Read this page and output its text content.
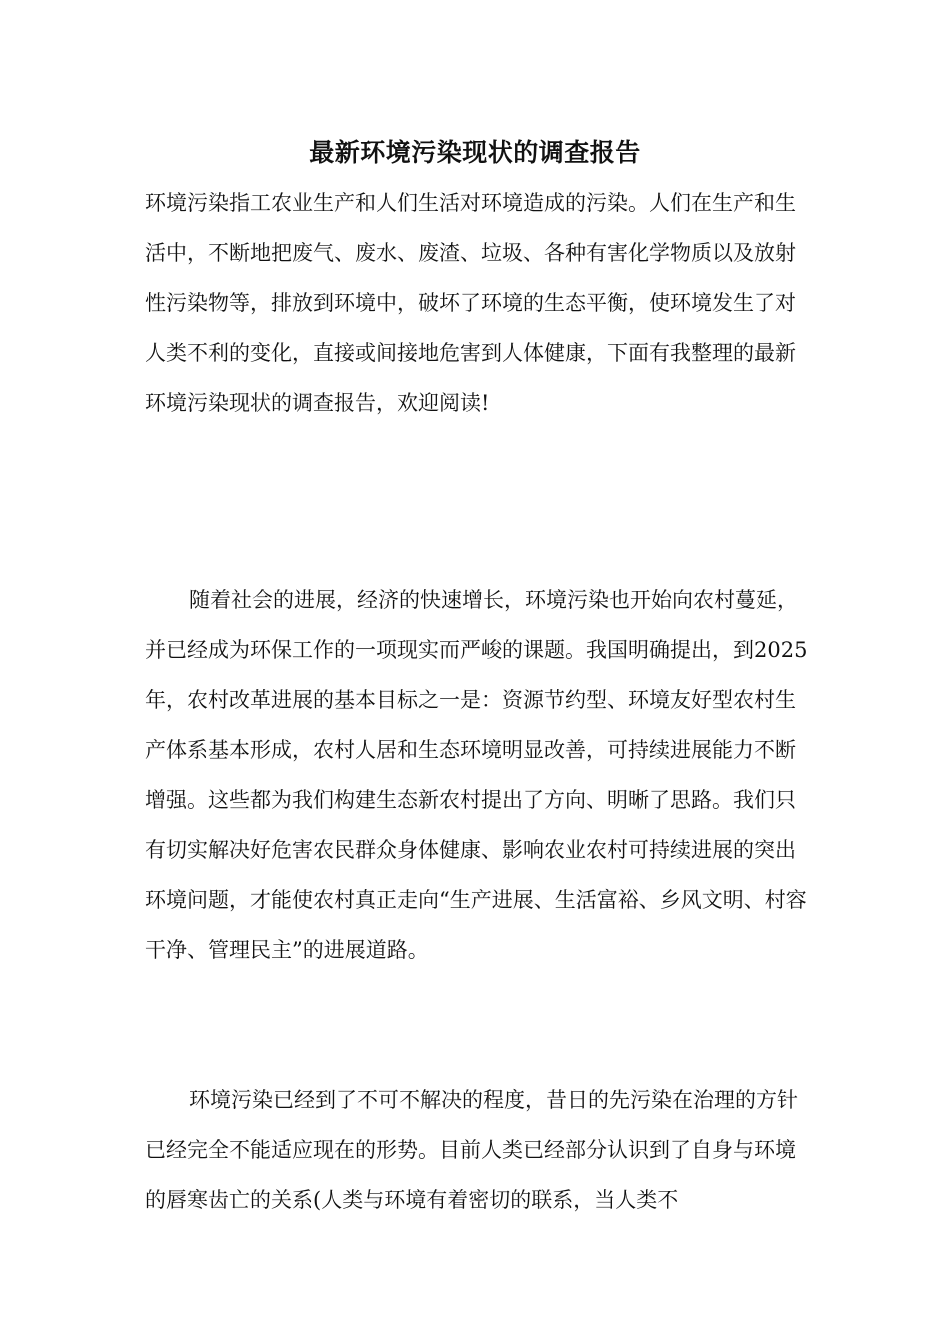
最新环境污染现状的调查报告

环境污染指工农业生产和人们生活对环境造成的污染。人们在生产和生活中，不断地把废气、废水、废渣、垃圾、各种有害化学物质以及放射性污染物等，排放到环境中，破坏了环境的生态平衡，使环境发生了对人类不利的变化，直接或间接地危害到人体健康，下面有我整理的最新环境污染现状的调查报告，欢迎阅读!

随着社会的进展，经济的快速增长，环境污染也开始向农村蔓延，并已经成为环保工作的一项现实而严峻的课题。我国明确提出，到2025年，农村改革进展的基本目标之一是：资源节约型、环境友好型农村生产体系基本形成，农村人居和生态环境明显改善，可持续进展能力不断增强。这些都为我们构建生态新农村提出了方向、明晰了思路。我们只有切实解决好危害农民群众身体健康、影响农业农村可持续进展的突出环境问题，才能使农村真正走向“生产进展、生活富裕、乡风文明、村容干净、管理民主”的进展道路。

环境污染已经到了不可不解决的程度，昔日的先污染在治理的方针已经完全不能适应现在的形势。目前人类已经部分认识到了自身与环境的唇寒齿亡的关系(人类与环境有着密切的联系，当人类不
